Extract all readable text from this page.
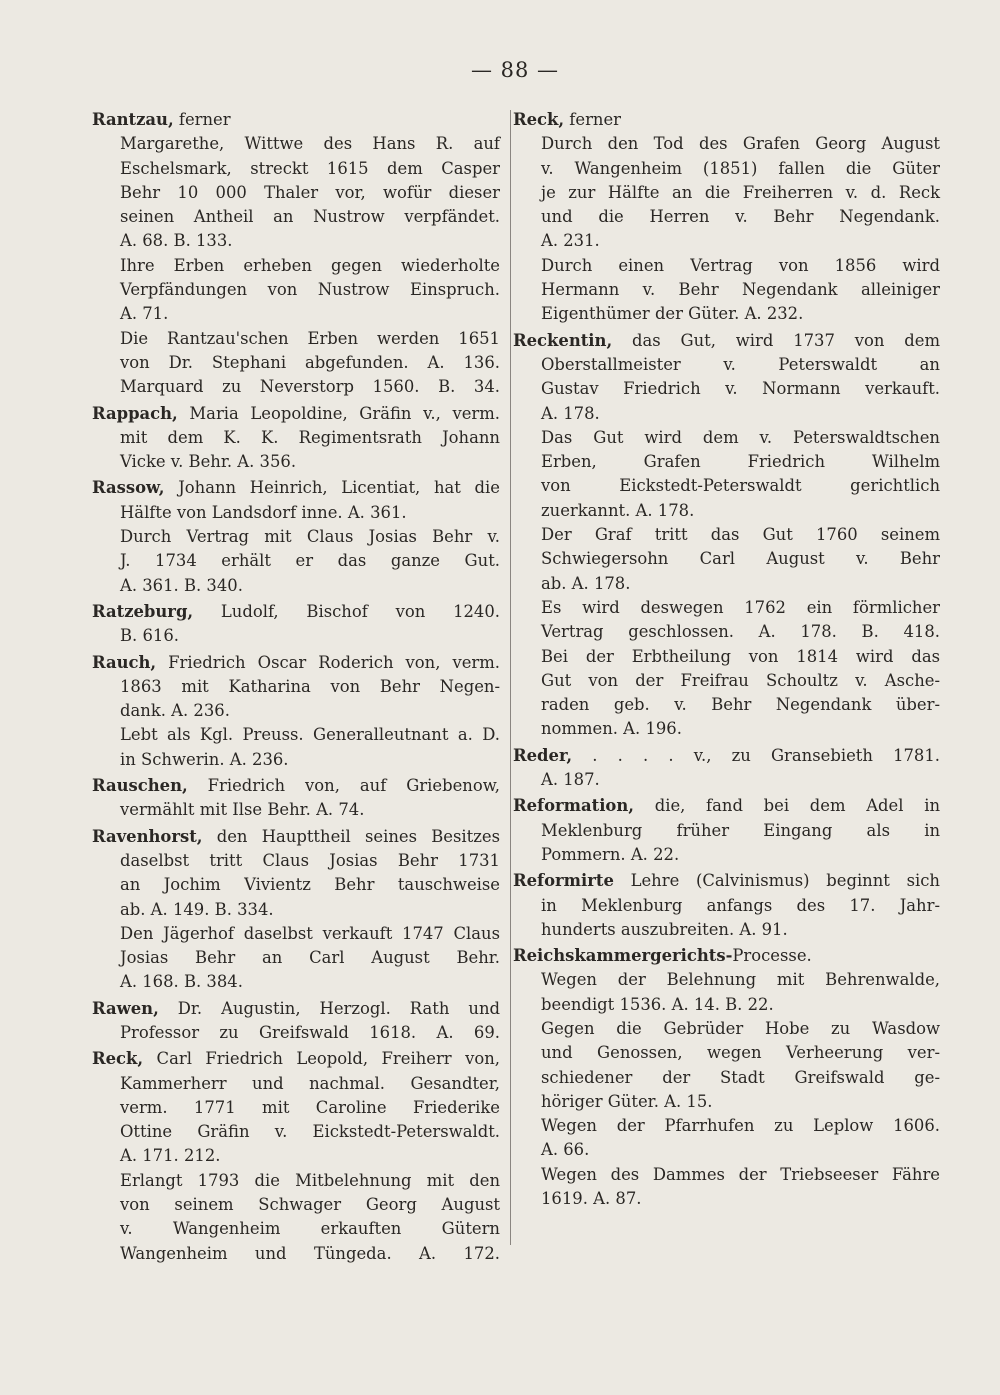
— 88 —
Rantzau, ferner
Margarethe, Wittwe des Hans R. auf
Eschelsmark, streckt 1615 dem Casper
Behr 10 000 Thaler vor, wofür dieser
seinen Antheil an Nustrow verpfändet.
A. 68. B. 133.
Ihre Erben erheben gegen wiederholte
Verpfändungen von Nustrow Einspruch.
A. 71.
Die Rantzau'schen Erben werden 1651
von Dr. Stephani abgefunden. A. 136.
Marquard zu Neverstorp 1560. B. 34.
Rappach, Maria Leopoldine, Gräfin v., verm.
mit dem K. K. Regimentsrath Johann
Vicke v. Behr. A. 356.
Rassow, Johann Heinrich, Licentiat, hat die
Hälfte von Landsdorf inne. A. 361.
Durch Vertrag mit Claus Josias Behr v.
J. 1734 erhält er das ganze Gut.
A. 361. B. 340.
Ratzeburg, Ludolf, Bischof von 1240.
B. 616.
Rauch, Friedrich Oscar Roderich von, verm.
1863 mit Katharina von Behr Negen-
dank. A. 236.
Lebt als Kgl. Preuss. Generalleutnant a. D.
in Schwerin. A. 236.
Rauschen, Friedrich von, auf Griebenow,
vermählt mit Ilse Behr. A. 74.
Ravenhorst, den Haupttheil seines Besitzes
daselbst tritt Claus Josias Behr 1731
an Jochim Vivientz Behr tauschweise
ab. A. 149. B. 334.
Den Jägerhof daselbst verkauft 1747 Claus
Josias Behr an Carl August Behr.
A. 168. B. 384.
Rawen, Dr. Augustin, Herzogl. Rath und
Professor zu Greifswald 1618. A. 69.
Reck, Carl Friedrich Leopold, Freiherr von,
Kammerherr und nachmal. Gesandter,
verm. 1771 mit Caroline Friederike
Ottine Gräfin v. Eickstedt-Peterswaldt.
A. 171. 212.
Erlangt 1793 die Mitbelehnung mit den
von seinem Schwager Georg August
v. Wangenheim erkauften Gütern
Wangenheim und Tüngeda. A. 172.
Reck, ferner
Durch den Tod des Grafen Georg August
v. Wangenheim (1851) fallen die Güter
je zur Hälfte an die Freiherren v. d. Reck
und die Herren v. Behr Negendank.
A. 231.
Durch einen Vertrag von 1856 wird
Hermann v. Behr Negendank alleiniger
Eigenthümer der Güter. A. 232.
Reckentin, das Gut, wird 1737 von dem
Oberstallmeister v. Peterswaldt an
Gustav Friedrich v. Normann verkauft.
A. 178.
Das Gut wird dem v. Peterswaldtschen
Erben, Grafen Friedrich Wilhelm
von Eickstedt-Peterswaldt gerichtlich
zuerkannt. A. 178.
Der Graf tritt das Gut 1760 seinem
Schwiegersohn Carl August v. Behr
ab. A. 178.
Es wird deswegen 1762 ein förmlicher
Vertrag geschlossen. A. 178. B. 418.
Bei der Erbtheilung von 1814 wird das
Gut von der Freifrau Schoultz v. Asche-
raden geb. v. Behr Negendank über-
nommen. A. 196.
Reder, . . . . v., zu Gransebieth 1781.
A. 187.
Reformation, die, fand bei dem Adel in
Meklenburg früher Eingang als in
Pommern. A. 22.
Reformirte Lehre (Calvinismus) beginnt sich
in Meklenburg anfangs des 17. Jahr-
hunderts auszubreiten. A. 91.
Reichskammergerichts-Processe.
Wegen der Belehnung mit Behrenwalde,
beendigt 1536. A. 14. B. 22.
Gegen die Gebrüder Hobe zu Wasdow
und Genossen, wegen Verheerung ver-
schiedener der Stadt Greifswald ge-
höriger Güter. A. 15.
Wegen der Pfarrhufen zu Leplow 1606.
A. 66.
Wegen des Dammes der Triebseeser Fähre
1619. A. 87.
